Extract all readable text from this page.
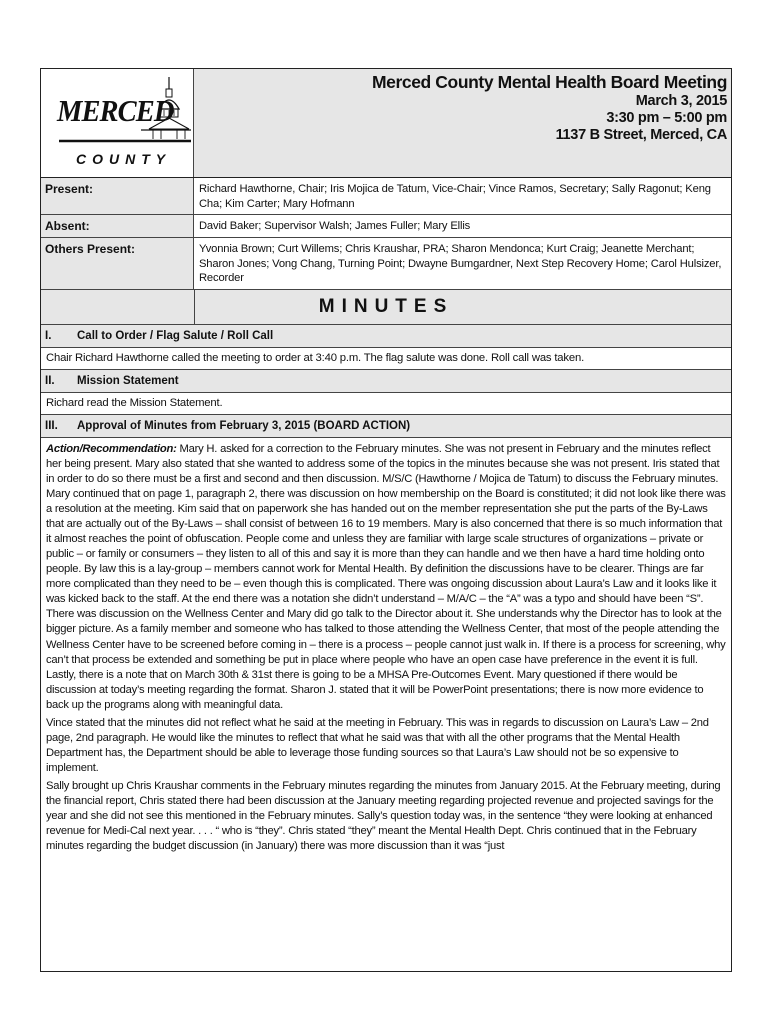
MERCED
COUNTY
Merced County Mental Health Board Meeting
March 3, 2015
3:30 pm – 5:00 pm
1137 B Street, Merced, CA
Present:	Richard Hawthorne, Chair; Iris Mojica de Tatum, Vice-Chair; Vince Ramos, Secretary; Sally Ragonut; Keng Cha; Kim Carter; Mary Hofmann
Absent:	David Baker; Supervisor Walsh; James Fuller; Mary Ellis
Others Present:	Yvonnia Brown; Curt Willems; Chris Kraushar, PRA; Sharon Mendonca; Kurt Craig; Jeanette Merchant; Sharon Jones; Vong Chang, Turning Point; Dwayne Bumgardner, Next Step Recovery Home; Carol Hulsizer, Recorder
MINUTES
I.	Call to Order / Flag Salute / Roll Call
Chair Richard Hawthorne called the meeting to order at 3:40 p.m. The flag salute was done. Roll call was taken.
II.	Mission Statement
Richard read the Mission Statement.
III.	Approval of Minutes from February 3, 2015 (BOARD ACTION)

Action/Recommendation: Mary H. asked for a correction to the February minutes. She was not present in February and the minutes reflect her being present. Mary also stated that she wanted to address some of the topics in the minutes because she was not present. Iris stated that in order to do so there must be a first and second and then discussion. M/S/C (Hawthorne / Mojica de Tatum) to discuss the February minutes. Mary continued that on page 1, paragraph 2, there was discussion on how membership on the Board is constituted; it did not look like there was a resolution at the meeting. Kim said that on paperwork she has handed out on the member representation she put the parts of the By-Laws that are actually out of the By-Laws – shall consist of between 16 to 19 members. Mary is also concerned that there is so much information that it almost reaches the point of obfuscation. People come and unless they are familiar with large scale structures of organizations – private or public – or family or consumers – they listen to all of this and say it is more than they can handle and we then have a hard time holding onto people. By law this is a lay-group – members cannot work for Mental Health. By definition the discussions have to be clearer. Things are far more complicated than they need to be – even though this is complicated. There was ongoing discussion about Laura’s Law and it looks like it was kicked back to the staff. At the end there was a notation she didn’t understand – M/A/C – the “A” was a typo and should have been “S”. There was discussion on the Wellness Center and Mary did go talk to the Director about it. She understands why the Director has to look at the bigger picture. As a family member and someone who has talked to those attending the Wellness Center, that most of the people attending the Wellness Center have to be screened before coming in – there is a process – people cannot just walk in. If there is a process for screening, why can’t that process be extended and something be put in place where people who have an open case have preference in the event it is full. Lastly, there is a note that on March 30th & 31st there is going to be a MHSA Pre-Outcomes Event. Mary questioned if there would be discussion at today’s meeting regarding the format. Sharon J. stated that it will be PowerPoint presentations; there is now more evidence to back up the programs along with meaningful data.

Vince stated that the minutes did not reflect what he said at the meeting in February. This was in regards to discussion on Laura’s Law – 2nd page, 2nd paragraph. He would like the minutes to reflect that what he said was that with all the other programs that the Mental Health Department has, the Department should be able to leverage those funding sources so that Laura’s Law should not be so expensive to implement.

Sally brought up Chris Kraushar comments in the February minutes regarding the minutes from January 2015. At the February meeting, during the financial report, Chris stated there had been discussion at the January meeting regarding projected revenue and projected savings for the year and she did not see this mentioned in the February minutes. Sally’s question today was, in the sentence “they were looking at enhanced revenue for Medi-Cal next year. . . . “ who is “they”. Chris stated “they” meant the Mental Health Dept. Chris continued that in the February minutes regarding the budget discussion (in January) there was more discussion than it was “just
